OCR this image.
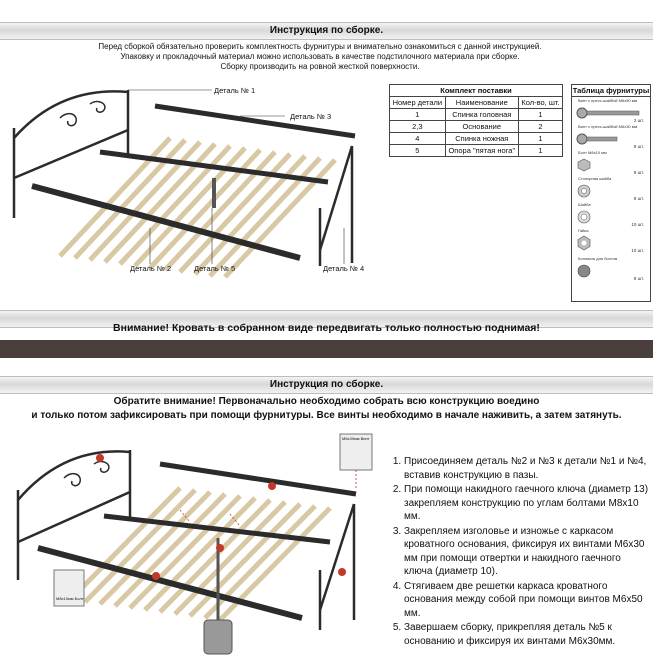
Инструкция по сборке.
Перед сборкой обязательно проверить комплектность фурнитуры и внимательно ознакомиться с данной инструкцией.
Упаковку и прокладочный материал можно использовать в качестве подстилочного материала при сборке.
Сборку производить на ровной жесткой поверхности.
Деталь № 1
Деталь № 3
Деталь № 2	Деталь № 5	Деталь № 4
Комплект поставки
Номер детали	Наименование	Кол-во, шт.
1	Спинка головная	1
2,3	Основание	2
4	Спинка ножная	1
5	Опора "пятая нога"	1
Таблица фурнитуры
Винт с пресс-шайбой М6х50 мм
2 шт.
Винт с пресс-шайбой М6х30 мм
8 шт.
Болт М8х10 мм
8 шт.
Стопорная шайба
8 шт.
Шайба
10 шт.
Гайка
10 шт.
Колпачок для болтов
8 шт.
Внимание! Кровать в собранном виде передвигать только полностью поднимая!
Инструкция по сборке.
Обратите внимание! Первоначально необходимо собрать всю конструкцию воедино
и только потом зафиксировать при помощи фурнитуры. Все винты необходимо в начале наживить, а затем затянуть.
М6х30мм Винт
М8х10мм Болт
1. Присоединяем деталь №2 и №3 к детали №1 и №4, вставив конструкцию в пазы.
2. При помощи накидного гаечного ключа (диаметр 13) закрепляем конструкцию по углам болтами М8х10 мм.
3. Закрепляем изголовье и изножье с каркасом кроватного основания, фиксируя их винтами М6х30 мм при помощи отвертки и накидного гаечного ключа (диаметр 10).
4. Стягиваем две решетки каркаса кроватного основания между собой при помощи винтов М6х50 мм.
5. Завершаем сборку, прикрепляя деталь №5 к основанию и фиксируя их винтами М6х30мм.
